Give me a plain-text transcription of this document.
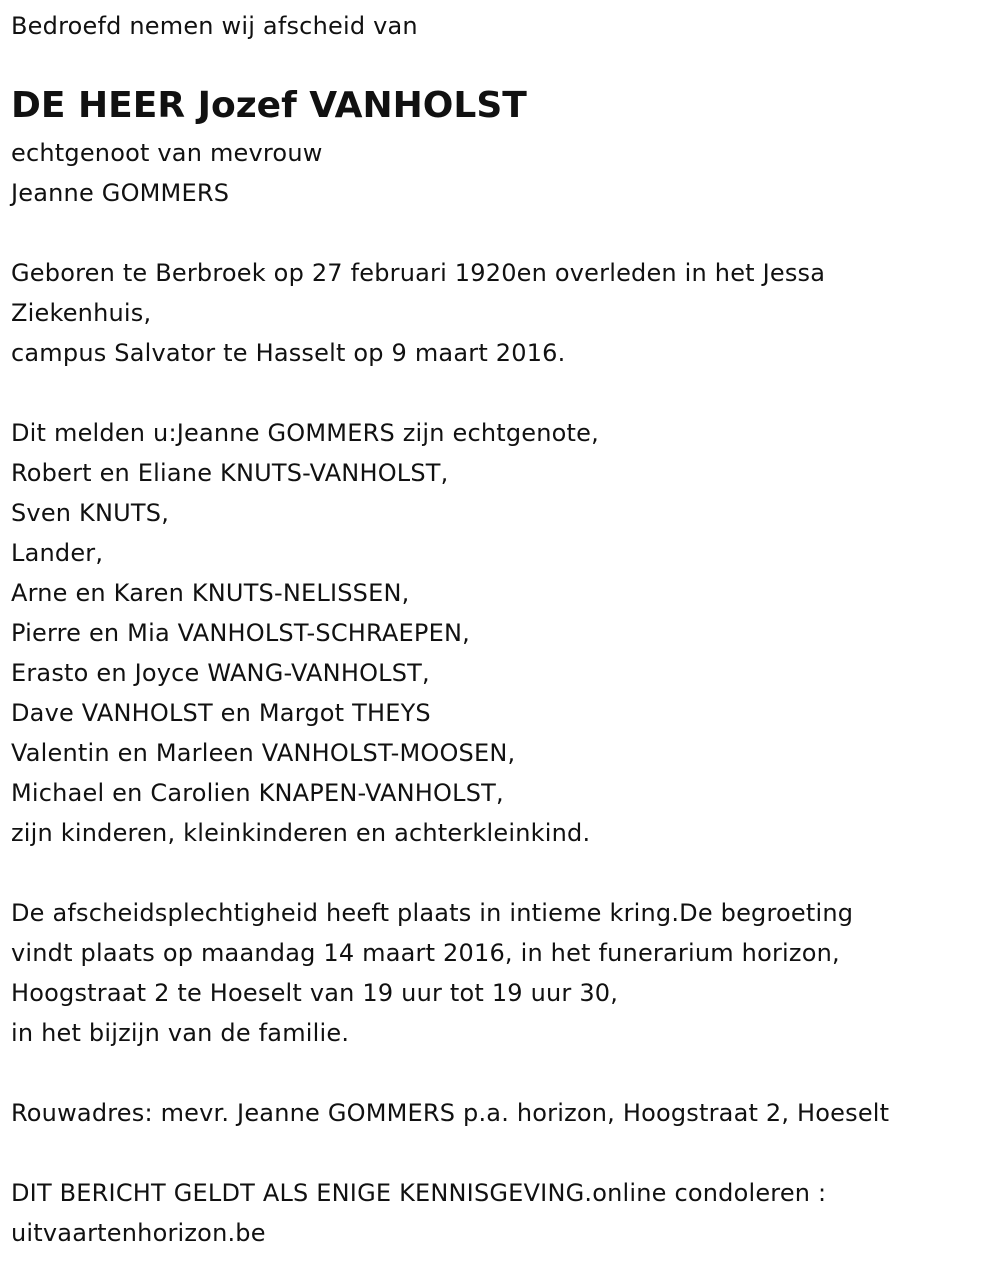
Bedroefd nemen wij afscheid van
DE HEER Jozef VANHOLST
echtgenoot van mevrouw
Jeanne GOMMERS
Geboren te Berbroek op 27 februari 1920en overleden in het Jessa
Ziekenhuis,
campus Salvator te Hasselt op 9 maart 2016.
Dit melden u:Jeanne GOMMERS zijn echtgenote,
Robert en Eliane KNUTS-VANHOLST,
Sven KNUTS,
Lander,
Arne en Karen KNUTS-NELISSEN,
Pierre en Mia VANHOLST-SCHRAEPEN,
Erasto en Joyce WANG-VANHOLST,
Dave VANHOLST en Margot THEYS
Valentin en Marleen VANHOLST-MOOSEN,
Michael en Carolien KNAPEN-VANHOLST,
zijn kinderen, kleinkinderen en achterkleinkind.
De afscheidsplechtigheid heeft plaats in intieme kring.De begroeting
vindt plaats op maandag 14 maart 2016, in het funerarium horizon,
Hoogstraat 2 te Hoeselt van 19 uur tot 19 uur 30,
in het bijzijn van de familie.
Rouwadres: mevr. Jeanne GOMMERS p.a. horizon, Hoogstraat 2, Hoeselt
DIT BERICHT GELDT ALS ENIGE KENNISGEVING.online condoleren :
uitvaartenhorizon.be
